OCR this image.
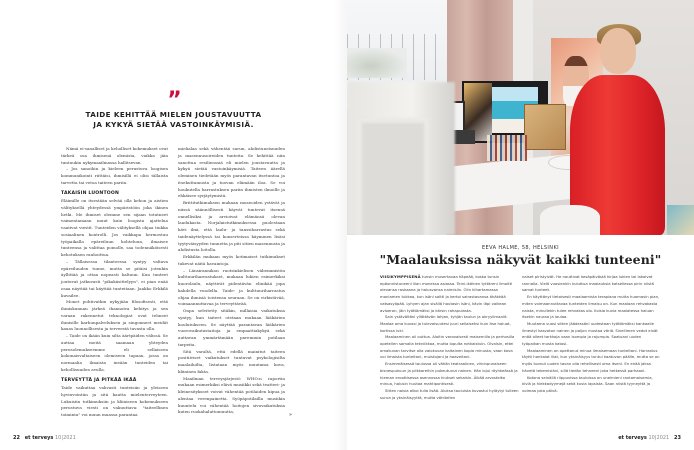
”
TAIDE KEHITTÄÄ MIELEN JOUSTAVUUTTA
JA KYKYÄ SIETÄÄ VASTOINKÄYMISIÄ.

Nämä ei-sanalliset ja keholliset kokemukset ovat tärkeä osa ihmisenä olemista, vaikka jäin tuntuukin nykymaailmassa hallitsevan.

– Jos sanoihin ja kieleen perustuva loogisen kommunikointi riittäisi, ihmisillä ei olisi tällaista tarvetta tai vetoa taiteen pariin.

TAKAISIN LUONTOON

Eläimille on itsestään selvää olla kehon ja aistien välityksellä yhteydessä ympäristöön joka ikinen hetki. Me ihmiset olemme sen sijaan totutneet vaimentamaan muut kuin loogista ajattelua vaativat viestit. Tunteiden välityksellä ohjaa tiukka sosiaalinen kontrolli. Jos vaikkapa hermostuu työpaikalla epäreiluun kohteluun, ilmaisee tunteensa ja valittaa pomolle, saa todennäköisesti kehotuksen rauhoittua.

– Tällaisessa tilanteessa syntyy valtava epäreiluuden tunne, mutta se pitäisi jotenkin äyllittää ja ottaa nopeasti haltuun. Kun tunteet joutuvat jatkuvasti "pikakäsittelyyn", ei pian enää osaa näyttää tai käyttää tunteitaan. Jaakko Erkkilä kuvailee.

Monet pohtivatkin nykyjään filosofisesti, että ihmiskunnan järkeä ihannoiva kehitys ja sen varaan rakennetut teknologiat ovat tehneet ihmisille karhunpalveluksen ja singonneet meidät kauas luonnollisesta ja terveestä tavasta olla.

– Taide on ikään kuin silta äärtpäiden välissä. Se auttaa meitä saamaan yhteyden perusolemukseemme eli sellaiseen kokonaisvaltaiseen olemiseen tapaan, jossa on normaalia ilmaista ineään tunteiden tai kehollisuuden avulla.

TERVEYTTÄ JA PITKÄÄ IKÄÄ

Taide vaikuttaa vahvasti tunteisiin ja yleiseen hyvinvointiin ja sitä kautta mielenterveyteen. Lukuisiin tutkimuksiin ja kliiniseen kokemukseen perustuva viesti on vakuuttava: "taiteellinen toiminta" voi muun muassa parantaa

mielialaa sekä vähentää surun, ahdistuneisuuden ja masennusoireiden tunteita. Se kehittää niin sanottua resilienssiä eli mielen joustavuutta ja kykyä sietää vastoinkäymisiä. Taiteen äärellä oleminen tiedetään myös parantavan itsetuntoa ja itsekuttamusta ja tuovan elämään iloa. Se voi houkutella harrastuksen pariin ihmisten ilmoille ja ehkäisee syrjäytymistä.

Brittitutkimuksen mukaan museoiden ystävät ja niissä säännöllisesti käyvät tuntevat itsensä onnellisiksi ja arvioivat elämänsä olevan laadukasta. Norjalaistutkimuksessa puolestaan kävi ilmi, että laulu- ja tanssiharrastus sekä taidenäyttelyssä tai konserteissa käyminen lisäsi tyytyväisyyden tunnetta ja piti sitien masennusta ja ahdistusta loitolla.

Erkkilän mukaan myös kotimaiset tutkimukset tukevat näitä havaintoja.

– Länsirannikon ruotsinkielisen väbemmistön kulttuuriharrastukset, mukaan lukien esimerkiksi kuorolaulu, näyttivät pidentävän elinikää jopa kahdella vuodella. Taide- ja kulttuuriharrastus ohjaa ihmisiä toistensa seuraan. Se on virkistävää, voimaannuttavaa ja terveyttävää.

Onpa selvitetty sitäkin, millaisia vaikutuksia syntyy, kun taiteet otetaan mukaan lääkärien koulutukseen. Se näyttää parantavan lääkärien vuorovaikutustaitoja ja empaattiakykyä sekä auttavan ymmärtämään paremmin potilaan tarpeita.

Sitä varaltä, että edellä mainitut taiteen positiiviset vaikutukset tuntuvat psykologisilta maalailuilta, listataan myös muutama kova, kliininen fakta.

Maailman terveysjärjestö WHO:n raportin mukaan esimerkiksi elävä musiikki sekä teatteri- ja kleinesityksset voivat vähentää potilaiden kipua ja alentaa verenpainetta. Syöpäpotilailla musiikin kuuntelu voi vähentää hoitojen sivuvaikutuksia kuten ruokahaluttomuutta,

»
22 et terveys 10|2021
EEVA HALME, 58, HELSINKI
"Maalauksissa näkyvät kaikki tunteeni"

VIISIKYMPPISENÄ tunsin musertavaa häpeää, koska tunsin epäonnistuneeni liian monessa asiassa. Teini-ikäinen tyttäreni ilmoitti olevansa raskaana ja halusvansa naimisiin. Olin kihartamassa moniamen tukkaa, kun isäni soitti ja kertoi sairastavansa ähäkkää vatsasyöpää. Lyhyen ajan sisällä hautasin isäni, kävin läpi vaikean avioeron, jäin työttömäksi ja kärsin rahapulasta.

Sain ystävältäni yllättävän lahjan, tyhjän taulun ja akryylimaalit. Maalaa oma kuvasi ja tulevaisuutesi juuri sellaiseksi kuin itse haluat, kortissa luki.

Maalaaminen oli outtua. Aloitin varovaisesti maisemilla ja perhosilla opetellen samalla tekniikkaa, mutta lopulta rohkaistuin. Oivalsin, ettei omakuvan tarvitse olla valokuvan kaltainen kopio minusta, vaan kova voi ilmaista tunteitani, muistojani ja haaveitani.

Ensimmäisessä taulussa oli vähän teatraalinen, viininpunaiseen bisnespukuun ja piikkareihin pukeutunut nainen. Hän lojui röyhkeässä ja hieman eroottisessa asennossa hiukset sekaisin. Älkää arvostelko minua, halusin huutaa mahtipontisesti.

Sitten naisia alkoi tulla lisää. Aluksa tauluista kuvastui hyläytyi tulleen surua ja yksinäisyyttä, mutta vähitellen

naiset piristyivät. He nauttivat kesäpäivästä kirjaa lukien tai lakoivat rannalla. Vielä vuosienkin kuluttua maalauksia katsellessa pirin niistä samat tunteet.

En käyttänyt tietoisesti maalaamista terapiana mutta huomasin pian, miten voimaannuttavaa tunteiden ilmaisu on. Kun maalaan rehvakasta naista, minullekin tulee rehvakas olo. Iloisia kuvia maalatessa haluan itsekin nauraa ja laulaa.

Muutama vuosi sitten jäädessäni uudestaan työttömäksi kankaalle ilmestyi kasvoton nainen ja paljon mustaa väriä. Sivellimen vedot eivät enää olleet tarkkoja vaan isompia ja rajumpia. Saatuani uuden työpaikan musta katosi.

Maalaaminen on opettanut minua ilmaisemaan tunteitani. Harrastus täytti hankalat illat, kun yksinäisyys tuntui kaatuvan päälle, mutta se on myös tuonut uuden tavan olla rehellisesti oma itseni. En enää jaksa hävetä tekemisiäni, sillä tiedän tehneeni joka hetkessä parhaani.

Kotona seinällä riippuvissa tauluissa on unelmieni rantamaisemia, kiviä ja hiekkadyymejä sekä kuvia lapsista. Saan niistä tyyneyttä ja voimaa joka päivä.

et terveys 10|2021 23
